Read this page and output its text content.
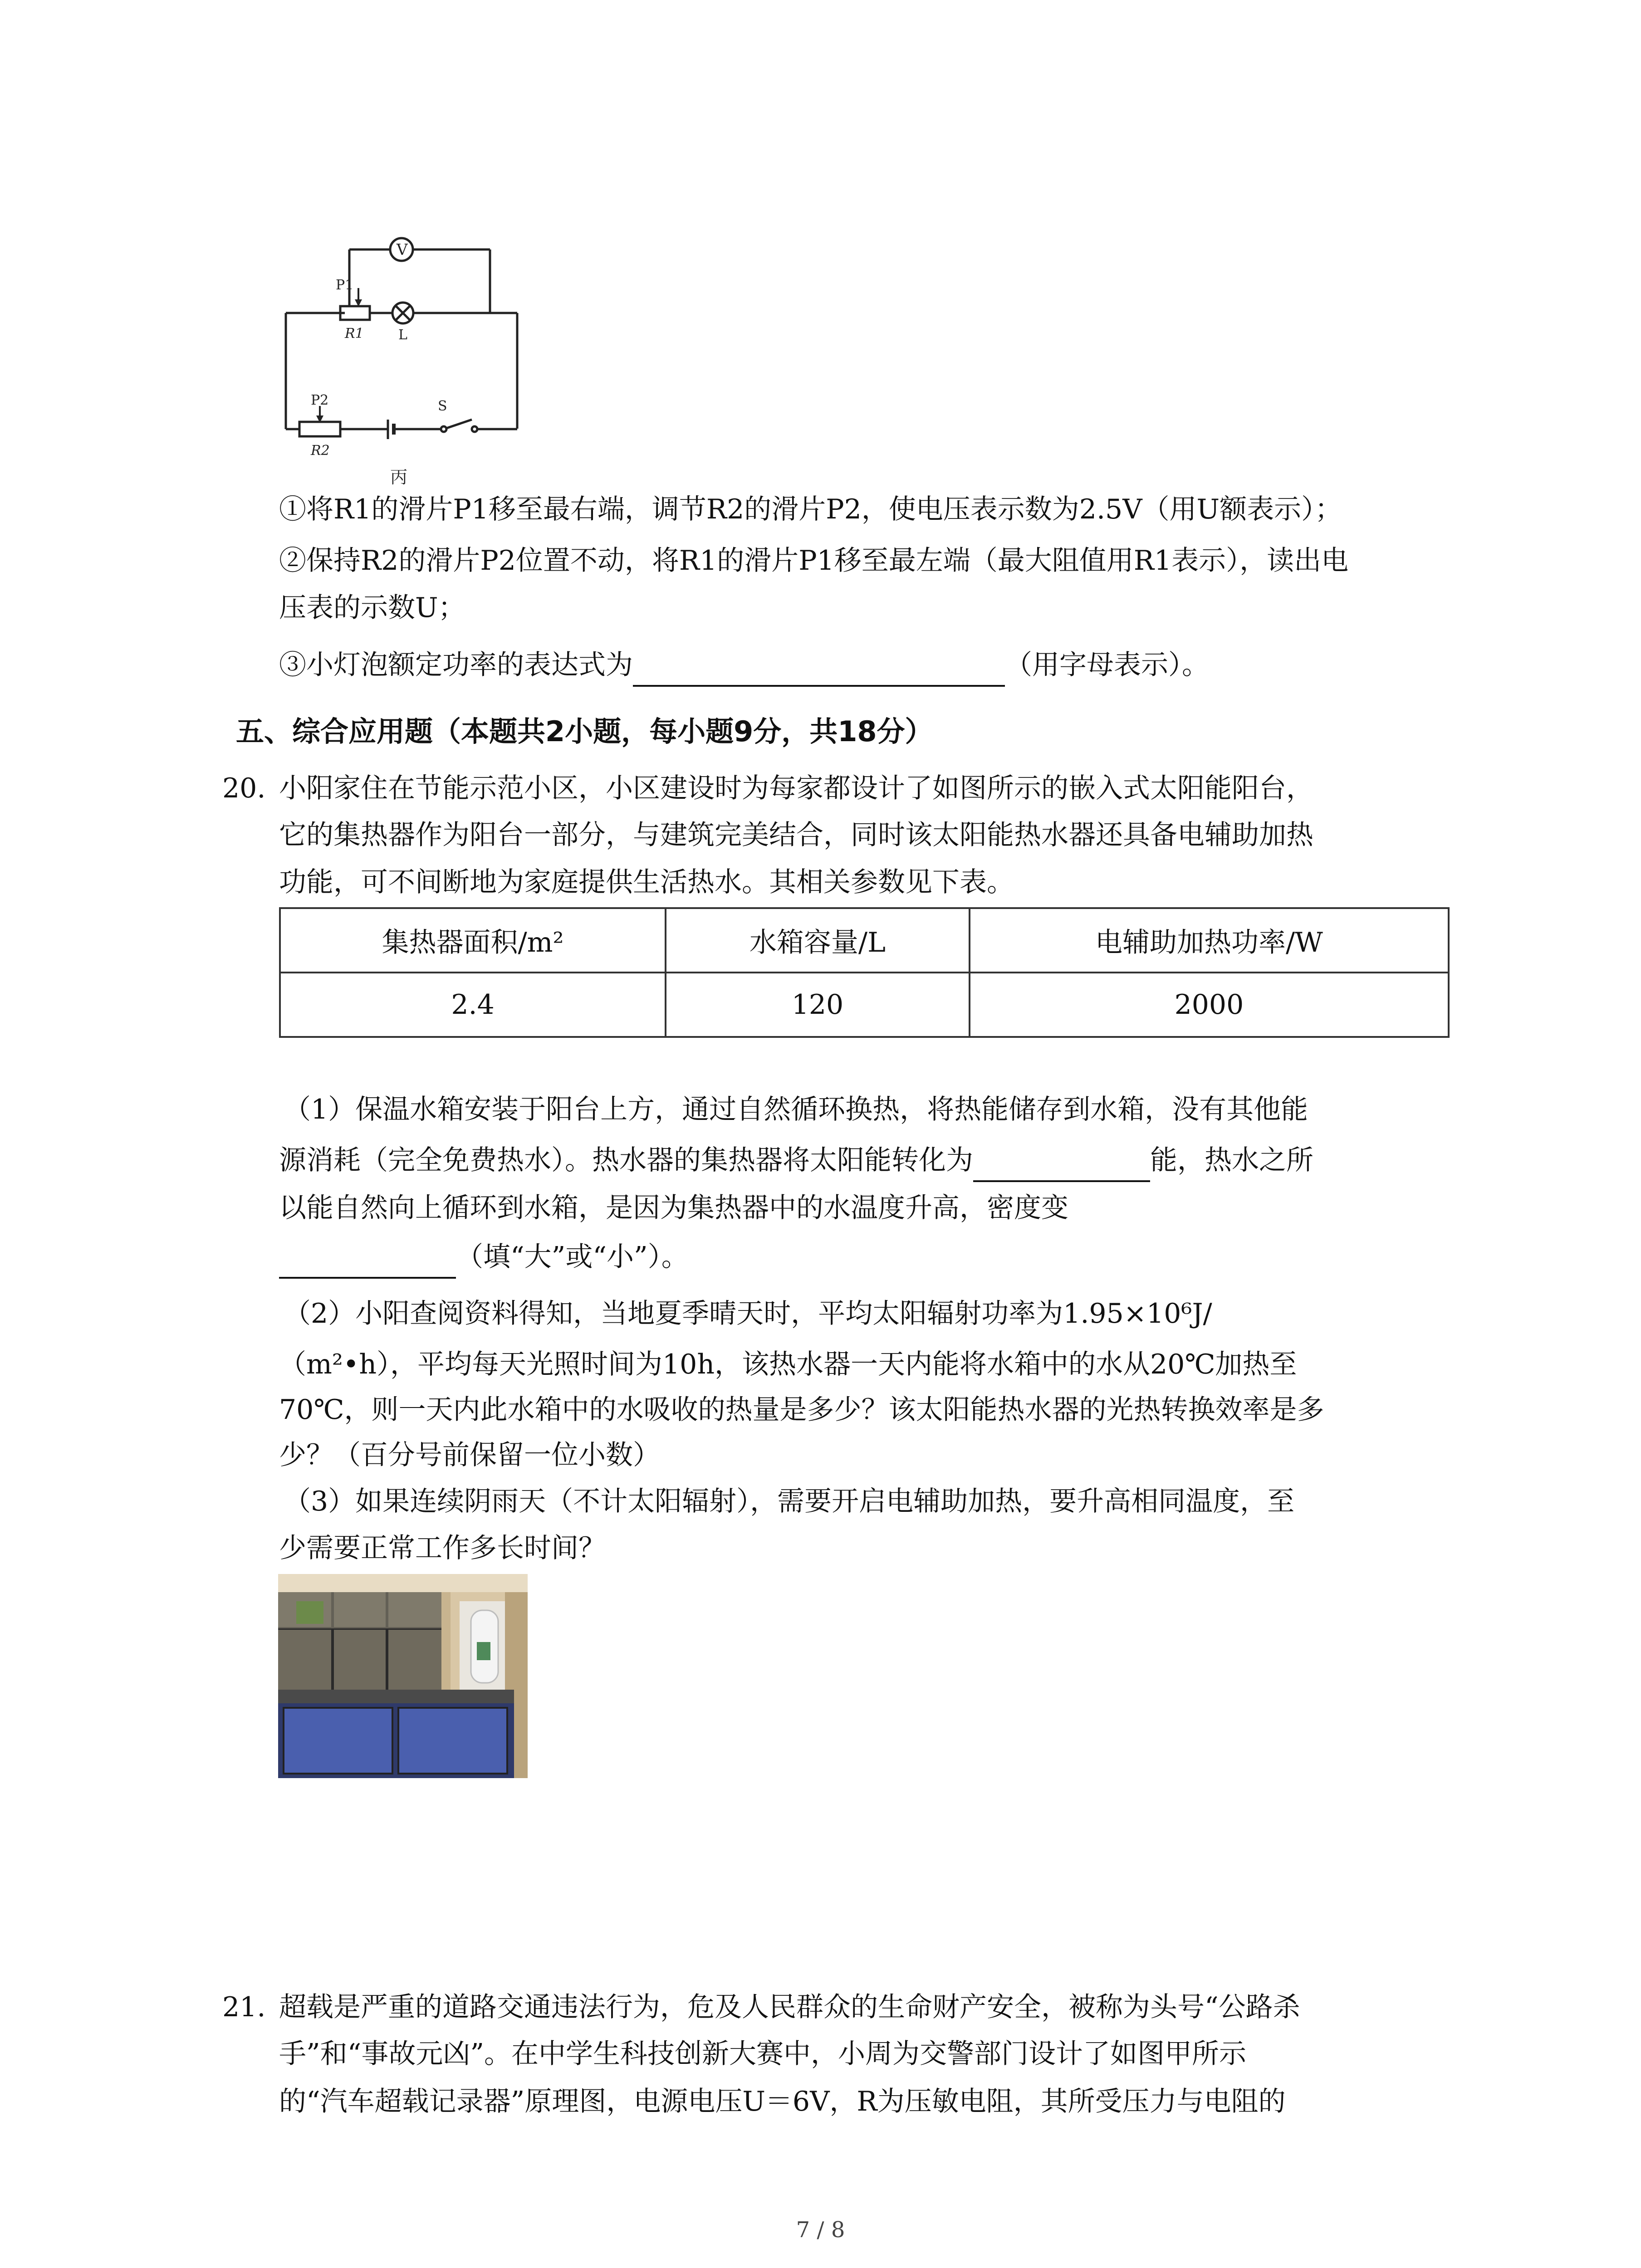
V
P1
R1	L
P2
R2
S
丙
①将R1的滑片P1移至最右端，调节R2的滑片P2，使电压表示数为2.5V（用U额表示）；
②保持R2的滑片P2位置不动，将R1的滑片P1移至最左端（最大阻值用R1表示），读出电
压表的示数U；
③小灯泡额定功率的表达式为	（用字母表示）。
五、综合应用题（本题共2小题，每小题9分，共18分）
20. 小阳家住在节能示范小区，小区建设时为每家都设计了如图所示的嵌入式太阳能阳台，
它的集热器作为阳台一部分，与建筑完美结合，同时该太阳能热水器还具备电辅助加热
功能，可不间断地为家庭提供生活热水。其相关参数见下表。
集热器面积/m²	水箱容量/L	电辅助加热功率/W
2.4	120	2000
（1）保温水箱安装于阳台上方，通过自然循环换热，将热能储存到水箱，没有其他能
源消耗（完全免费热水）。热水器的集热器将太阳能转化为	能，热水之所
以能自然向上循环到水箱，是因为集热器中的水温度升高，密度变
（填“大”或“小”）。
（2）小阳查阅资料得知，当地夏季晴天时，平均太阳辐射功率为1.95×10⁶J/
（m²•h），平均每天光照时间为10h，该热水器一天内能将水箱中的水从20℃加热至
70℃，则一天内此水箱中的水吸收的热量是多少？该太阳能热水器的光热转换效率是多
少？（百分号前保留一位小数）
（3）如果连续阴雨天（不计太阳辐射），需要开启电辅助加热，要升高相同温度，至
少需要正常工作多长时间？
21. 超载是严重的道路交通违法行为，危及人民群众的生命财产安全，被称为头号“公路杀
手”和“事故元凶”。在中学生科技创新大赛中，小周为交警部门设计了如图甲所示
的“汽车超载记录器”原理图，电源电压U＝6V，R为压敏电阻，其所受压力与电阻的
7 / 8
